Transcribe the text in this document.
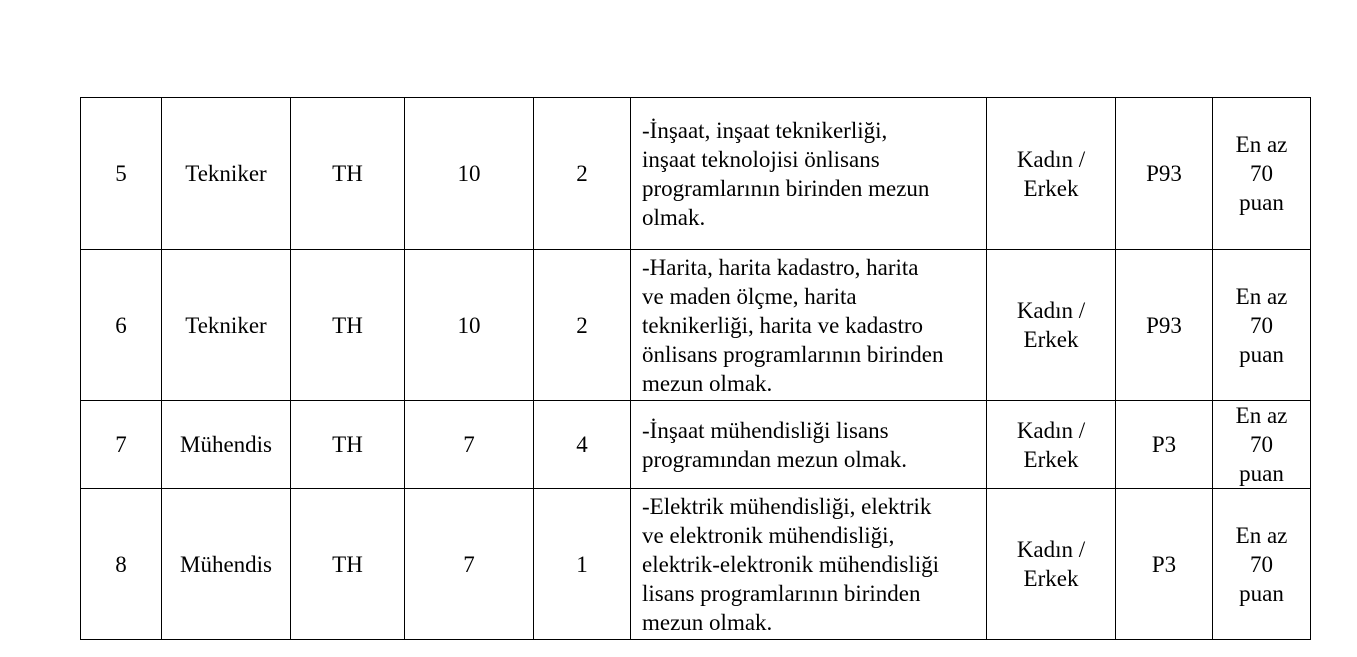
5	Tekniker	TH	10	2	-İnşaat, inşaat teknikerliği,
inşaat teknolojisi önlisans
programlarının birinden mezun
olmak.	Kadın /
Erkek	P93	En az
70
puan
6	Tekniker	TH	10	2	-Harita, harita kadastro, harita
ve maden ölçme, harita
teknikerliği, harita ve kadastro
önlisans programlarının birinden
mezun olmak.	Kadın /
Erkek	P93	En az
70
puan
7	Mühendis	TH	7	4	-İnşaat mühendisliği lisans
programından mezun olmak.	Kadın /
Erkek	P3	En az
70
puan
8	Mühendis	TH	7	1	-Elektrik mühendisliği, elektrik
ve elektronik mühendisliği,
elektrik-elektronik mühendisliği
lisans programlarının birinden
mezun olmak.	Kadın /
Erkek	P3	En az
70
puan
